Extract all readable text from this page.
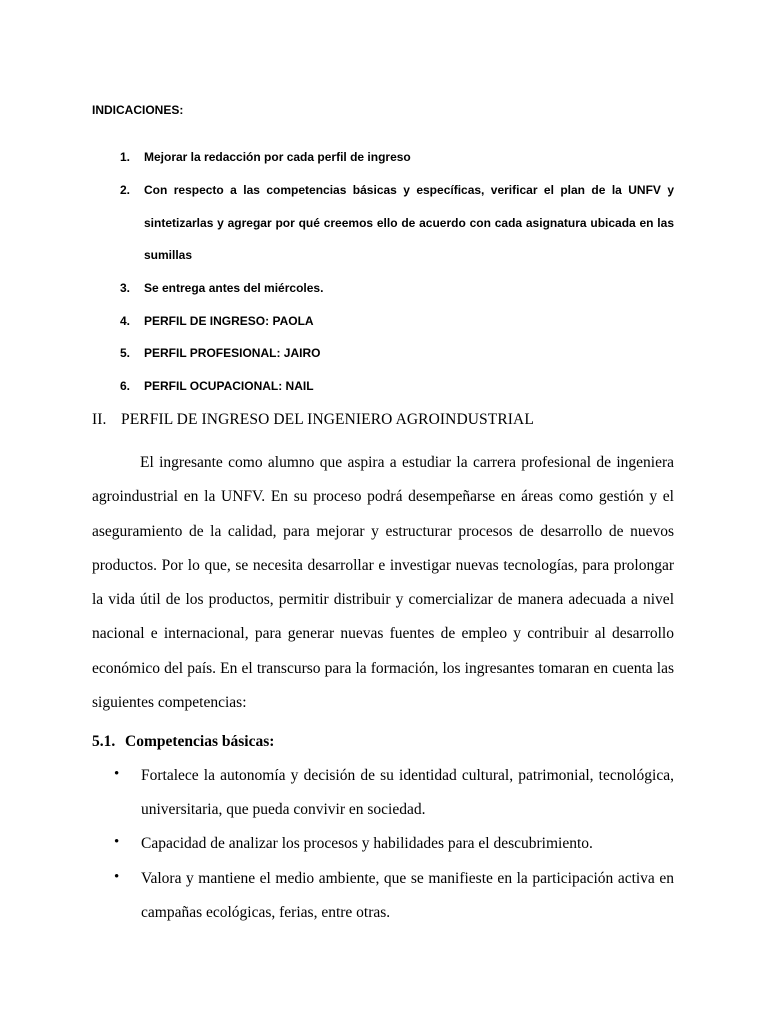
INDICACIONES:

1. Mejorar la redacción por cada perfil de ingreso
2. Con respecto a las competencias básicas y específicas, verificar el plan de la UNFV y
sintetizarlas y agregar por qué creemos ello de acuerdo con cada asignatura ubicada en las
sumillas
3. Se entrega antes del miércoles.
4. PERFIL DE INGRESO: PAOLA
5. PERFIL PROFESIONAL: JAIRO
6. PERFIL OCUPACIONAL: NAIL
II. PERFIL DE INGRESO DEL INGENIERO AGROINDUSTRIAL

El ingresante como alumno que aspira a estudiar la carrera profesional de ingeniera agroindustrial en la UNFV. En su proceso podrá desempeñarse en áreas como gestión y el aseguramiento de la calidad, para mejorar y estructurar procesos de desarrollo de nuevos productos. Por lo que, se necesita desarrollar e investigar nuevas tecnologías, para prolongar la vida útil de los productos, permitir distribuir y comercializar de manera adecuada a nivel nacional e internacional, para generar nuevas fuentes de empleo y contribuir al desarrollo económico del país. En el transcurso para la formación, los ingresantes tomaran en cuenta las siguientes competencias:

5.1. Competencias básicas:
• Fortalece la autonomía y decisión de su identidad cultural, patrimonial, tecnológica, universitaria, que pueda convivir en sociedad.

• Capacidad de analizar los procesos y habilidades para el descubrimiento.

• Valora y mantiene el medio ambiente, que se manifieste en la participación activa en campañas ecológicas, ferias, entre otras.
